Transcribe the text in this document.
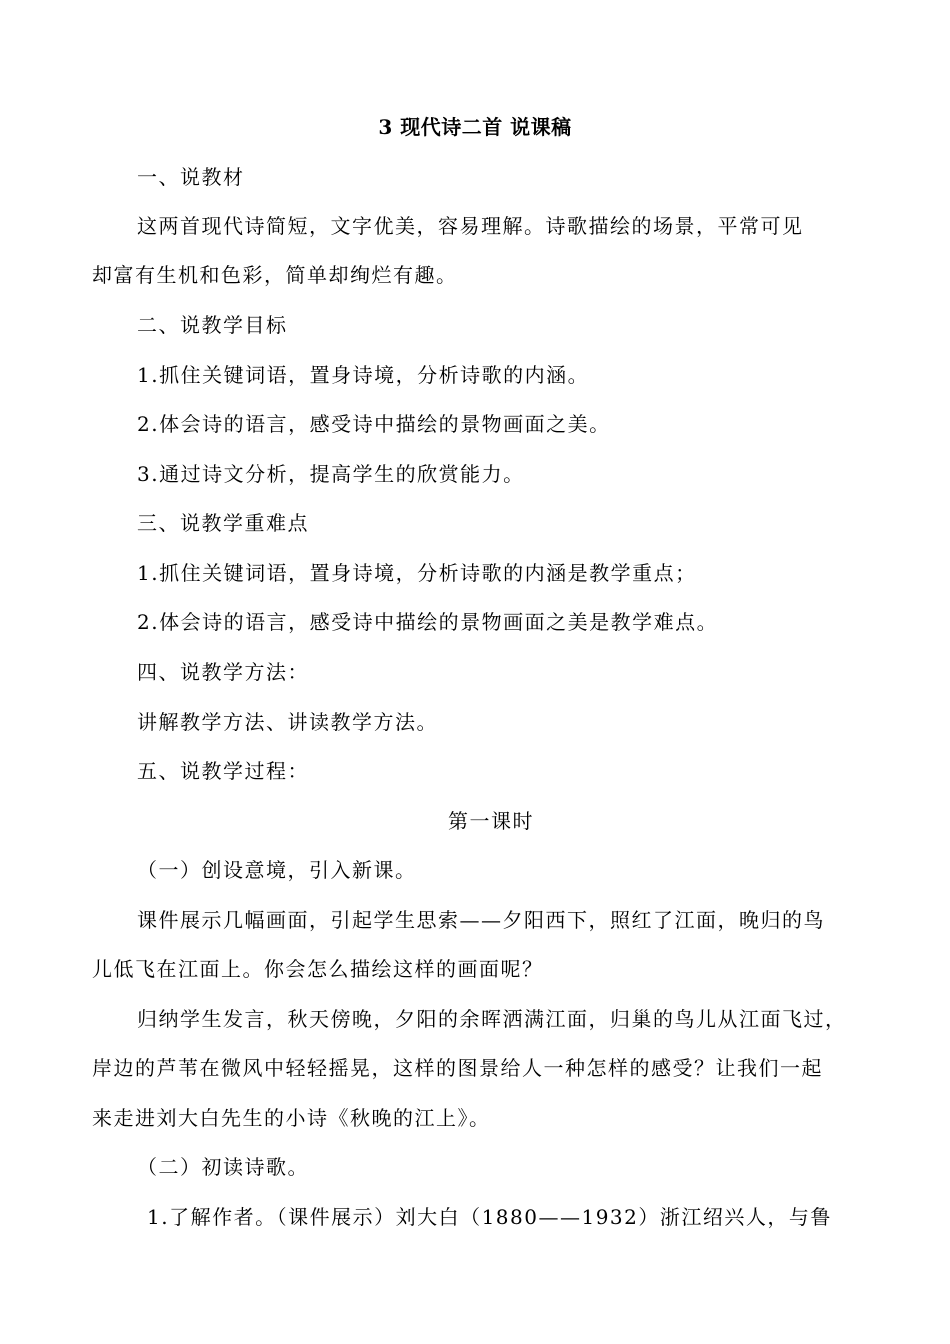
3 现代诗二首 说课稿
一、说教材
这两首现代诗简短，文字优美，容易理解。诗歌描绘的场景，平常可见
却富有生机和色彩，简单却绚烂有趣。
二、说教学目标
1.抓住关键词语，置身诗境，分析诗歌的内涵。
2.体会诗的语言，感受诗中描绘的景物画面之美。
3.通过诗文分析，提高学生的欣赏能力。
三、说教学重难点
1.抓住关键词语，置身诗境，分析诗歌的内涵是教学重点；
2.体会诗的语言，感受诗中描绘的景物画面之美是教学难点。
四、说教学方法：
讲解教学方法、讲读教学方法。
五、说教学过程：
第一课时
（一）创设意境，引入新课。
课件展示几幅画面，引起学生思索——夕阳西下，照红了江面，晚归的鸟
儿低飞在江面上。你会怎么描绘这样的画面呢？
归纳学生发言，秋天傍晚，夕阳的余晖洒满江面，归巢的鸟儿从江面飞过，
岸边的芦苇在微风中轻轻摇晃，这样的图景给人一种怎样的感受？让我们一起
来走进刘大白先生的小诗《秋晚的江上》。
（二）初读诗歌。
1.了解作者。（课件展示）刘大白（1880——1932）浙江绍兴人，与鲁
